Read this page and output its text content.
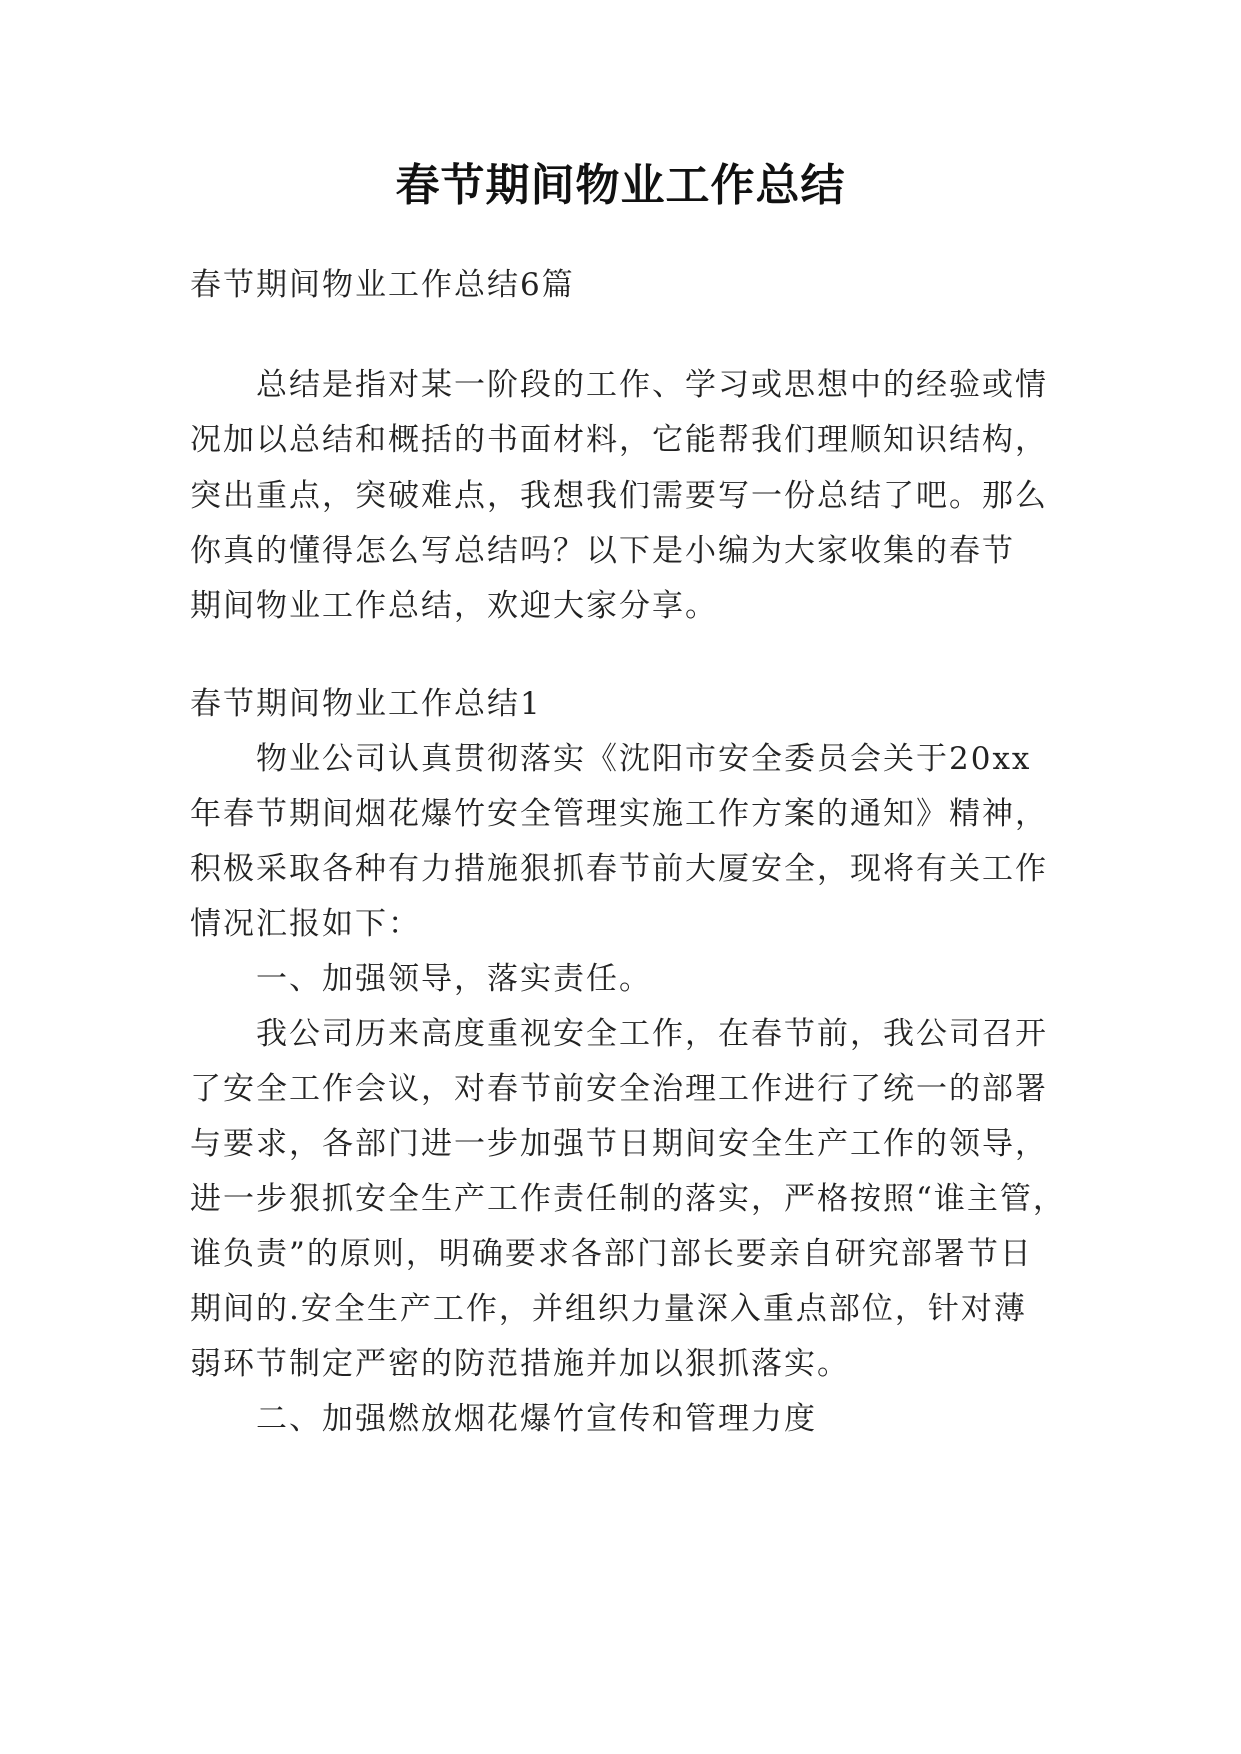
春节期间物业工作总结
春节期间物业工作总结6篇
总结是指对某一阶段的工作、学习或思想中的经验或情
况加以总结和概括的书面材料，它能帮我们理顺知识结构，
突出重点，突破难点，我想我们需要写一份总结了吧。那么
你真的懂得怎么写总结吗？以下是小编为大家收集的春节
期间物业工作总结，欢迎大家分享。
春节期间物业工作总结1
物业公司认真贯彻落实《沈阳市安全委员会关于20xx
年春节期间烟花爆竹安全管理实施工作方案的通知》精神，
积极采取各种有力措施狠抓春节前大厦安全，现将有关工作
情况汇报如下：
一、加强领导，落实责任。
我公司历来高度重视安全工作，在春节前，我公司召开
了安全工作会议，对春节前安全治理工作进行了统一的部署
与要求，各部门进一步加强节日期间安全生产工作的领导，
进一步狠抓安全生产工作责任制的落实，严格按照“谁主管，
谁负责”的原则，明确要求各部门部长要亲自研究部署节日
期间的.安全生产工作，并组织力量深入重点部位，针对薄
弱环节制定严密的防范措施并加以狠抓落实。
二、加强燃放烟花爆竹宣传和管理力度
